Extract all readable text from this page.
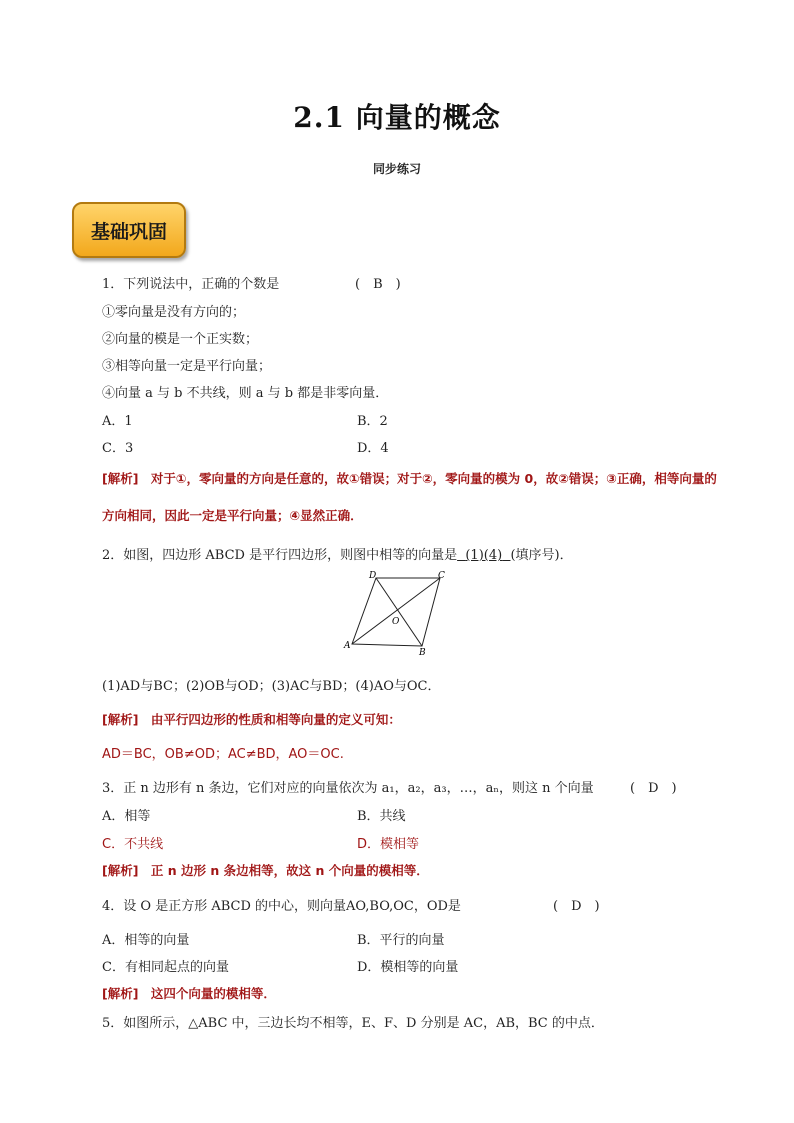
2.1 向量的概念
同步练习
基础巩固
1．下列说法中，正确的个数是	(　B　)
①零向量是没有方向的；
②向量的模是一个正实数；
③相等向量一定是平行向量；
④向量 a 与 b 不共线，则 a 与 b 都是非零向量．
A．1	B．2
C．3	D．4
[解析]　对于①，零向量的方向是任意的，故①错误；对于②，零向量的模为 0，故②错误；③正确，相等向量的方向相同，因此一定是平行向量；④显然正确．
2．如图，四边形 ABCD 是平行四边形，则图中相等的向量是 (1)(4) (填序号)．
D	C
O
A
B
(1)AD与BC；(2)OB与OD；(3)AC与BD；(4)AO与OC．
[解析]　由平行四边形的性质和相等向量的定义可知：
AD＝BC，OB≠OD；AC≠BD，AO＝OC.
3．正 n 边形有 n 条边，它们对应的向量依次为 a₁，a₂，a₃，…，aₙ，则这 n 个向量	(　D　)
A．相等	B．共线
C．不共线	D．模相等
[解析]　正 n 边形 n 条边相等，故这 n 个向量的模相等．
4．设 O 是正方形 ABCD 的中心，则向量AO,BO,OC，OD是	(　D　)
A．相等的向量	B．平行的向量
C．有相同起点的向量	D．模相等的向量
[解析]　这四个向量的模相等．
5．如图所示，△ABC 中，三边长均不相等，E、F、D 分别是 AC，AB，BC 的中点．
